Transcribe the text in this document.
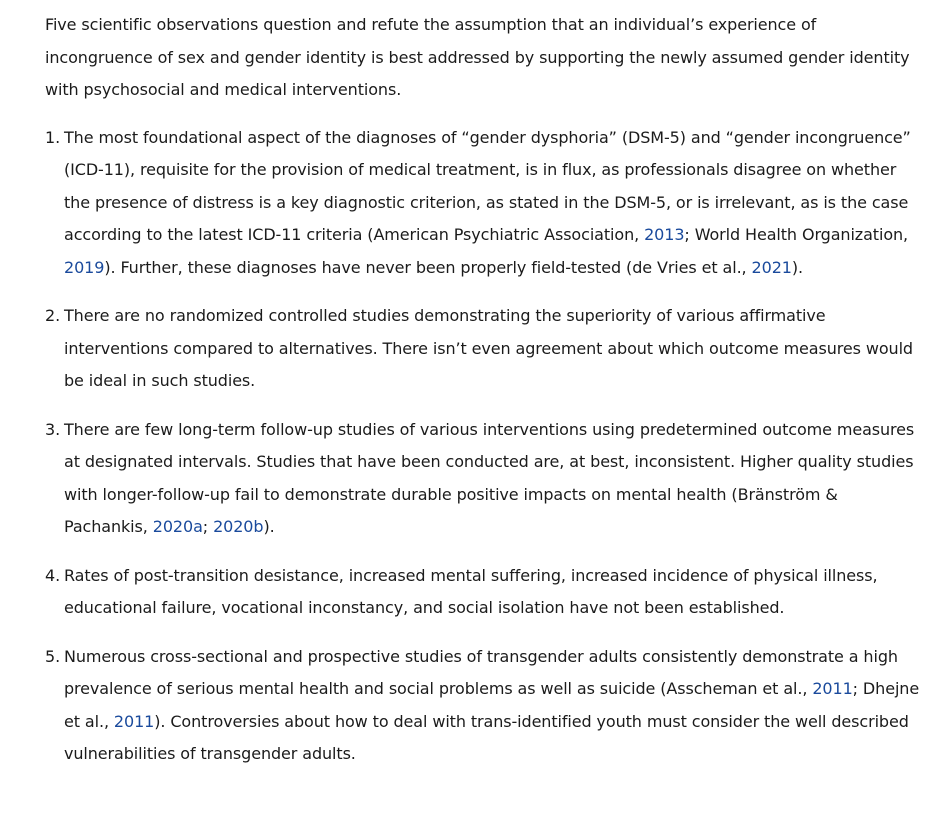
Five scientific observations question and refute the assumption that an individual’s experience of incongruence of sex and gender identity is best addressed by supporting the newly assumed gender identity with psychosocial and medical interventions.

1. The most foundational aspect of the diagnoses of “gender dysphoria” (DSM-5) and “gender incongruence” (ICD-11), requisite for the provision of medical treatment, is in flux, as professionals disagree on whether the presence of distress is a key diagnostic criterion, as stated in the DSM-5, or is irrelevant, as is the case according to the latest ICD-11 criteria (American Psychiatric Association, 2013; World Health Organization, 2019). Further, these diagnoses have never been properly field-tested (de Vries et al., 2021).
2. There are no randomized controlled studies demonstrating the superiority of various affirmative interventions compared to alternatives. There isn’t even agreement about which outcome measures would be ideal in such studies.
3. There are few long-term follow-up studies of various interventions using predetermined outcome measures at designated intervals. Studies that have been conducted are, at best, inconsistent. Higher quality studies with longer-follow-up fail to demonstrate durable positive impacts on mental health (Bränström & Pachankis, 2020a; 2020b).
4. Rates of post-transition desistance, increased mental suffering, increased incidence of physical illness, educational failure, vocational inconstancy, and social isolation have not been established.
5. Numerous cross-sectional and prospective studies of transgender adults consistently demonstrate a high prevalence of serious mental health and social problems as well as suicide (Asscheman et al., 2011; Dhejne et al., 2011). Controversies about how to deal with trans-identified youth must consider the well described vulnerabilities of transgender adults.
